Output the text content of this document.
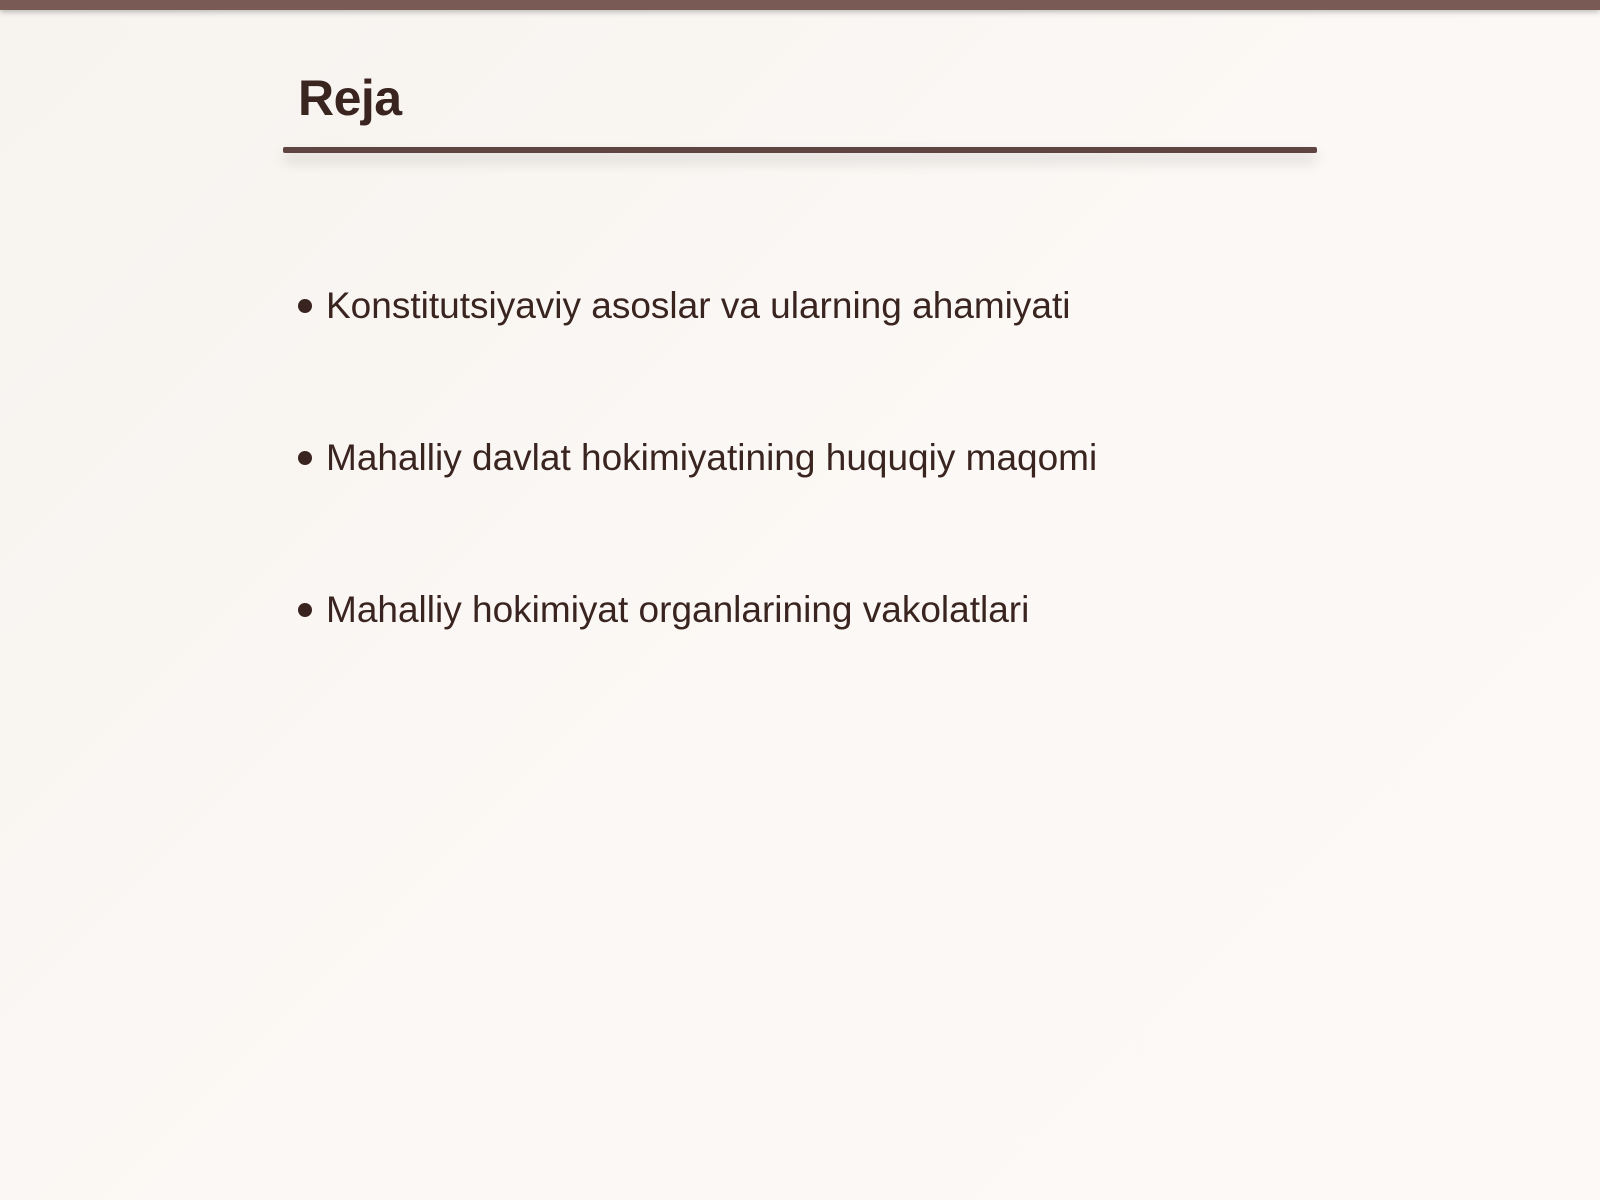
Reja
Konstitutsiyaviy asoslar va ularning ahamiyati
Mahalliy davlat hokimiyatining huquqiy maqomi
Mahalliy hokimiyat organlarining vakolatlari
